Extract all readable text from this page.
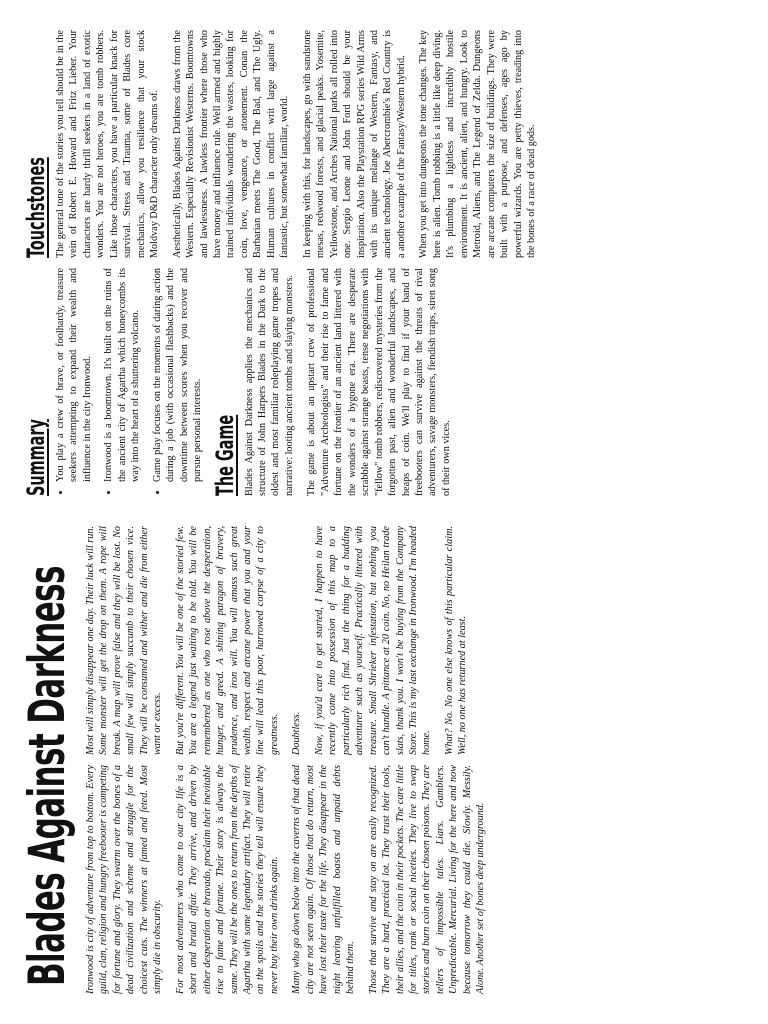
Blades Against Darkness Ironwood is city of adventure from top to bottom. Every guild, clan, religion and hungry freebooter is competing for fortune and glory. They swarm over the bones of a dead civilization and scheme and struggle for the choicest cuts. The winners at famed and feted. Most simply die in obscurity. For most adventurers who come to our city life is a short and brutal affair. They arrive, and driven by either desperation or bravado, proclaim their inevitable rise to fame and fortune. Their story is always the same. They will be the ones to return from the depths of Agartha with some legendary artifact. They will retire on the spoils and the stories they tell will ensure they never buy their own drinks again. Many who go down below into the caverns of that dead city are not seen again. Of those that do return, most have lost their taste for the life. They disappear in the night leaving unfulfilled boasts and unpaid debts behind them. Those that survive and stay on are easily recognized. They are a hard, practical lot. They trust their tools, their allies, and the coin in their pockets. The care little for titles, rank or social niceties. They live to swap stories and burn coin on their chosen poisons. They are tellers of impossible tales. Liars. Gamblers. Unpredictable. Mercurial. Living for the here and now because tomorrow they could die. Slowly. Messily. Alone. Another set of bones deep underground.

Most will simply disappear one day. Their luck will run. Some monster will get the drop on them. A rope will break. A map will prove false and they will be lost. No small few will simply succumb to their chosen vice. They will be consumed and wither and die from either want or excess. But you're different. You will be one of the storied few. You are a legend just waiting to be told. You will be remembered as one who rose above the desperation, hunger, and greed. A shining paragon of bravery, prudence, and iron will. You will amass such great wealth, respect and arcane power that you and your line will lead this poor, harrowed corpse of a city to greatness. Doubtless. Now, if you'd care to get started, I happen to have recently come into possession of this map to a particularly rich find. Just the thing for a budding adventurer such as yourself. Practically littered with treasure. Small Shrieker infestation, but nothing you can't handle. A pittance at 20 coin. No, no Heilan trade slats, thank you. I won't be buying from the Company Store. This is my last exchange in Ironwood. I'm headed home. What? No. No one else knows of this particular claim. Well, no one has returned at least.

Summary • You play a crew of brave, or foolhardy, treasure seekers attempting to expand their wealth and influence in the city Ironwood. • Ironwood is a boomtown. It's built on the ruins of the ancient city of Agartha which honeycombs its way into the heart of a shuttering volcano. • Game play focuses on the moments of daring action during a job (with occasional flashbacks) and the downtime between scores when you recover and pursue personal interests. The Game Blades Against Darkness applies the mechanics and structure of John Harpers Blades in the Dark to the oldest and most familiar roleplaying game tropes and narrative: looting ancient tombs and slaying monsters. The game is about an upstart crew of professional "Adventure Archeologists" and their rise to fame and fortune on the frontier of an ancient land littered with the wonders of a bygone era. There are desperate scrabble against strange beasts, tense negotiations with "fellow" tomb robbers, rediscovered mysteries from the forgotten past, alien and wonderful landscapes, and heaps of coin. We'll play to find if your band of freebooters can survive against the threats of rival adventurers, savage monsters, fiendish traps, siren song of their own vices.

Touchstones The general tone of the stories you tell should be in the vein of Robert E. Howard and Fritz Lieber. Your characters are hardy thrill seekers in a land of exotic wonders. You are not heroes, you are tomb robbers. Like those characters, you have a particular knack for survival. Stress and Trauma, some of Blades core mechanics, allow you resilience that your stock Moldvay D&D character only dreams of. Aesthetically, Blades Against Darkness draws from the Western. Especially Revisionist Westerns. Boomtowns and lawlessness. A lawless frontier where those who have money and influence rule. Well armed and highly trained individuals wandering the wastes, looking for coin, love, vengeance, or atonement. Conan the Barbarian meets The Good, The Bad, and The Ugly. Human cultures in conflict writ large against a fantastic, but somewhat familiar, world. In keeping with this, for landscapes, go with sandstone mesas, redwood forests, and glacial peaks. Yosemite, Yellowstone, and Arches National parks all rolled into one. Sergio Leone and John Ford should be your inspiration. Also the Playstation RPG series Wild Arms with its unique melange of Western, Fantasy, and ancient technology. Joe Abercrombie's Red Country is a another example of the Fantasy/Western hybrid. When you get into dungeons the tone changes. The key here is alien. Tomb robbing is a little like deep diving. It's plumbing a lightless and incredibly hostile environment. It is ancient, alien, and hungry. Look to Metroid, Aliens, and The Legend of Zelda. Dungeons are arcane computers the size of buildings. They were built with a purpose, and defenses, ages ago by powerful wizards. You are petty thieves, treading into the bones of a race of dead gods.
